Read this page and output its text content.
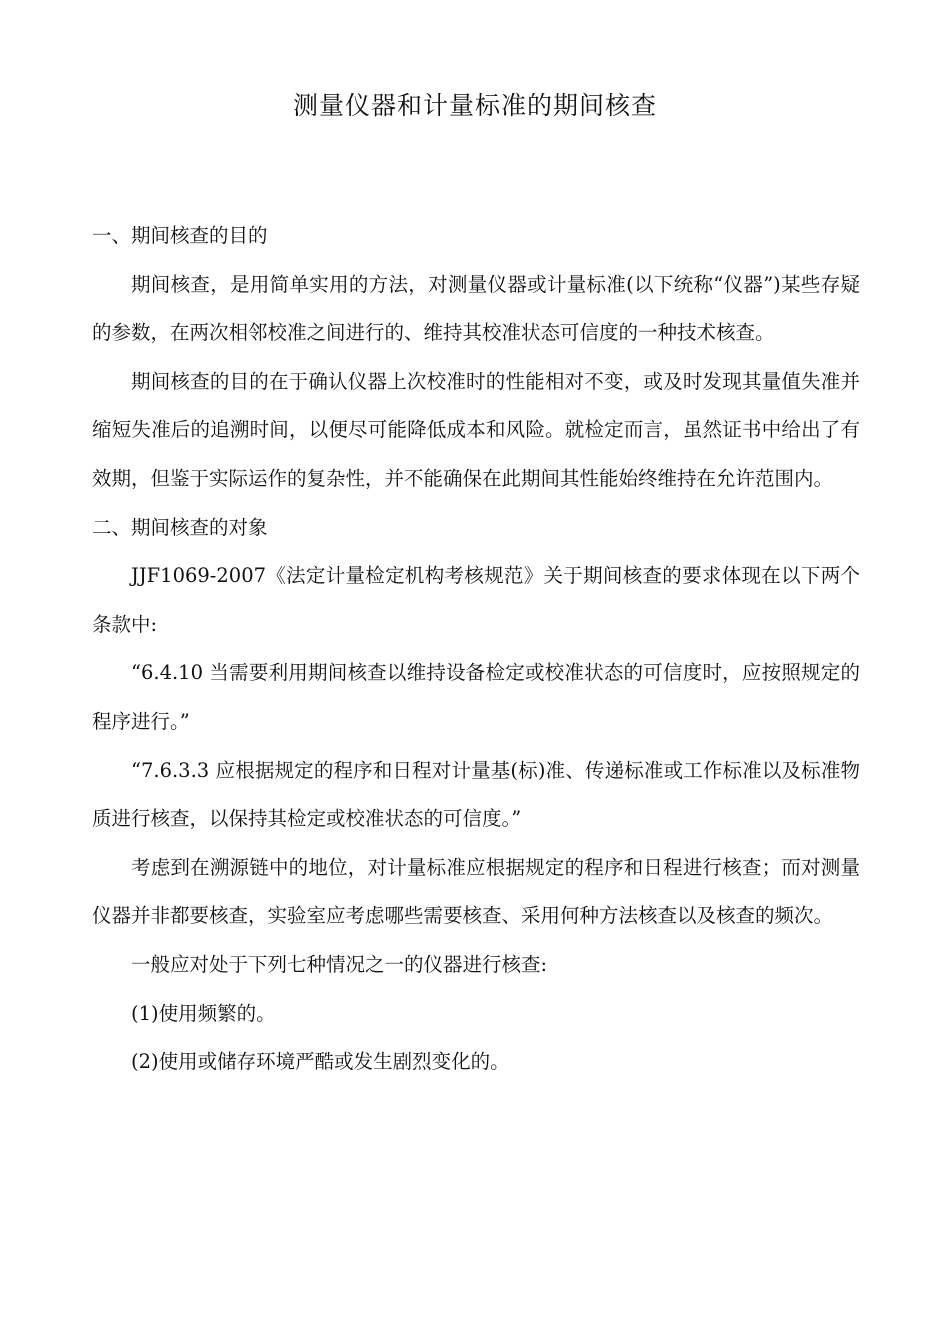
测量仪器和计量标准的期间核查

一、期间核查的目的

期间核查，是用简单实用的方法，对测量仪器或计量标准(以下统称“仪器”)某些存疑的参数，在两次相邻校准之间进行的、维持其校准状态可信度的一种技术核查。

期间核查的目的在于确认仪器上次校准时的性能相对不变，或及时发现其量值失准并缩短失准后的追溯时间，以便尽可能降低成本和风险。就检定而言，虽然证书中给出了有效期，但鉴于实际运作的复杂性，并不能确保在此期间其性能始终维持在允许范围内。

二、期间核查的对象

JJF1069-2007《法定计量检定机构考核规范》关于期间核查的要求体现在以下两个条款中:

“6.4.10 当需要利用期间核查以维持设备检定或校准状态的可信度时，应按照规定的程序进行。”

“7.6.3.3 应根据规定的程序和日程对计量基(标)准、传递标准或工作标准以及标准物质进行核查，以保持其检定或校准状态的可信度。”

考虑到在溯源链中的地位，对计量标准应根据规定的程序和日程进行核查；而对测量仪器并非都要核查，实验室应考虑哪些需要核查、采用何种方法核查以及核查的频次。

一般应对处于下列七种情况之一的仪器进行核查:

(1)使用频繁的。

(2)使用或储存环境严酷或发生剧烈变化的。
